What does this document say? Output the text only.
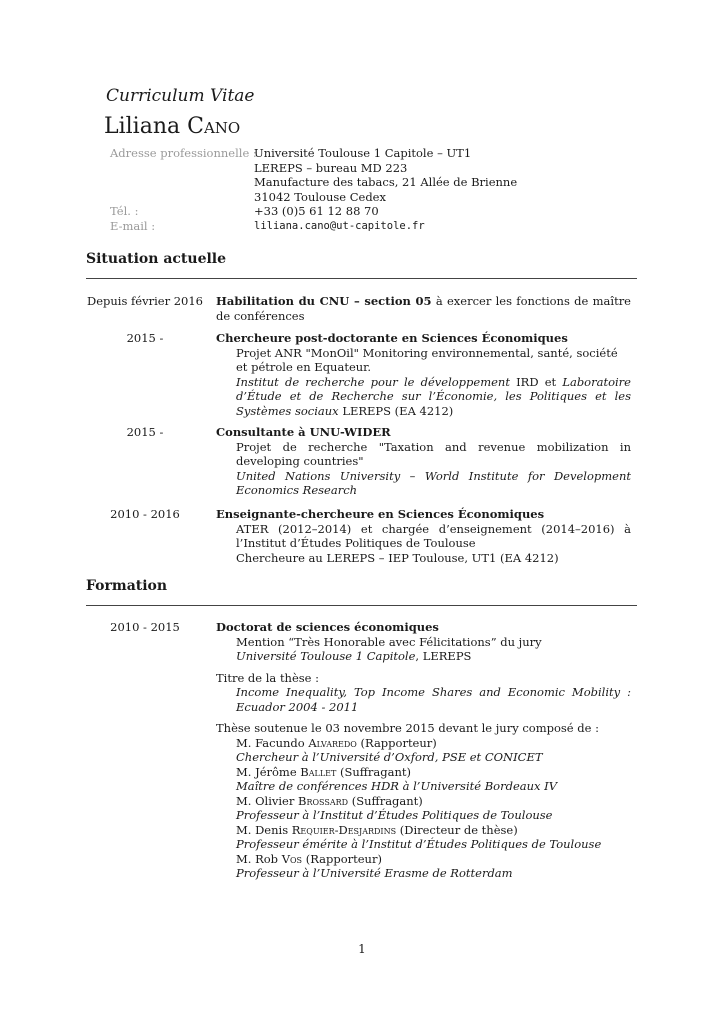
Curriculum Vitae
Liliana Cano
Adresse professionnelle :
Université Toulouse 1 Capitole – UT1
LEREPS – bureau MD 223
Manufacture des tabacs, 21 Allée de Brienne
31042 Toulouse Cedex
Tél. :	+33 (0)5 61 12 88 70
E-mail :	liliana.cano@ut-capitole.fr
Situation actuelle
Depuis février 2016 Habilitation du CNU – section 05 à exercer les fonctions de maître de conférences
2015 -	Chercheure post-doctorante en Sciences Économiques
Projet ANR "MonOil" Monitoring environnemental, santé, société et pétrole en Equateur.
Institut de recherche pour le développement IRD et Laboratoire d’Étude et de Recherche sur l’Économie, les Politiques et les Systèmes sociaux LEREPS (EA 4212)
2015 -	Consultante à UNU-WIDER
Projet de recherche "Taxation and revenue mobilization in developing countries"
United Nations University – World Institute for Development Economics Research
2010 - 2016	Enseignante-chercheure en Sciences Économiques
ATER (2012–2014) et chargée d’enseignement (2014–2016) à l’Institut d’Études Politiques de Toulouse
Chercheure au LEREPS – IEP Toulouse, UT1 (EA 4212)
Formation
2010 - 2015	Doctorat de sciences économiques
Mention “Très Honorable avec Félicitations” du jury
Université Toulouse 1 Capitole, LEREPS
Titre de la thèse :
Income Inequality, Top Income Shares and Economic Mobility : Ecuador 2004 - 2011
Thèse soutenue le 03 novembre 2015 devant le jury composé de :
M. Facundo Alvaredo (Rapporteur)
Chercheur à l’Université d’Oxford, PSE et CONICET
M. Jérôme Ballet (Suffragant)
Maître de conférences HDR à l’Université Bordeaux IV
M. Olivier Brossard (Suffragant)
Professeur à l’Institut d’Études Politiques de Toulouse
M. Denis Requier-Desjardins (Directeur de thèse)
Professeur émérite à l’Institut d’Études Politiques de Toulouse
M. Rob Vos (Rapporteur)
Professeur à l’Université Erasme de Rotterdam
1
